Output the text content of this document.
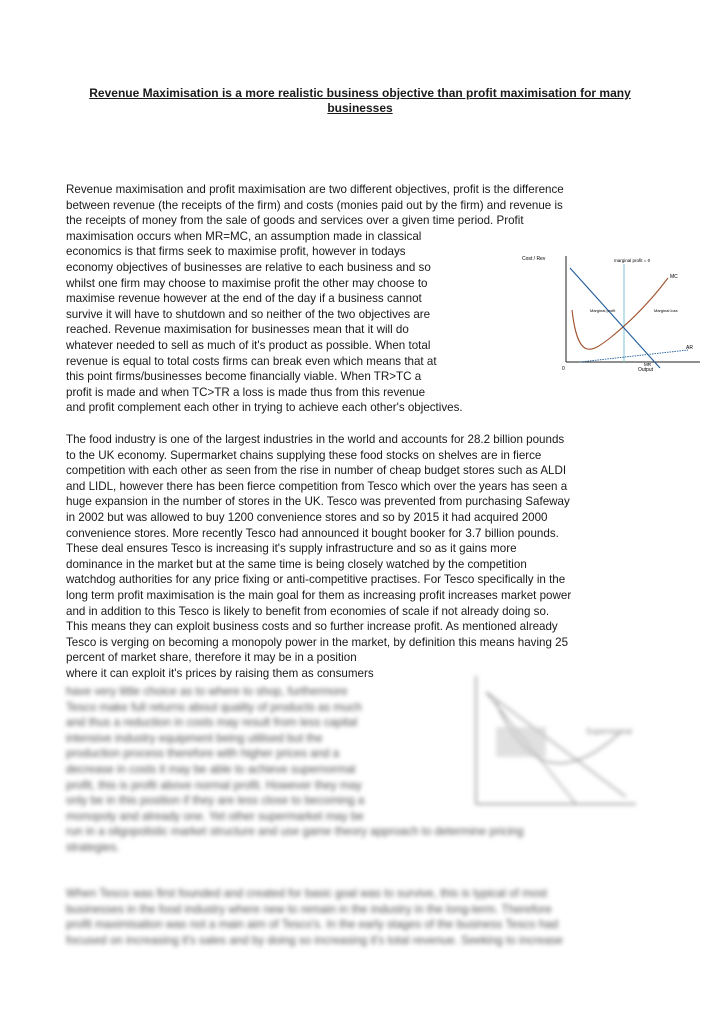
Revenue Maximisation is a more realistic business objective than profit maximisation for many businesses
Revenue maximisation and profit maximisation are two different objectives, profit is the difference
between revenue (the receipts of the firm) and costs (monies paid out by the firm) and revenue is
the receipts of money from the sale of goods and services over a given time period. Profit
maximisation occurs when MR=MC, an assumption made in classical
economics is that firms seek to maximise profit, however in todays
economy objectives of businesses are relative to each business and so
whilst one firm may choose to maximise profit the other may choose to
maximise revenue however at the end of the day if a business cannot
survive it will have to shutdown and so neither of the two objectives are
reached. Revenue maximisation for businesses mean that it will do
whatever needed to sell as much of it's product as possible. When total
revenue is equal to total costs firms can break even which means that at
this point firms/businesses become financially viable. When TR>TC a
profit is made and when TC>TR a loss is made thus from this revenue
and profit complement each other in trying to achieve each other's objectives.
Cost / Rev
0	Output
marginal profit = 0
MC
MR
AR
Marginal profit	Marginal loss
The food industry is one of the largest industries in the world and accounts for 28.2 billion pounds
to the UK economy. Supermarket chains supplying these food stocks on shelves are in fierce
competition with each other as seen from the rise in number of cheap budget stores such as ALDI
and LIDL, however there has been fierce competition from Tesco which over the years has seen a
huge expansion in the number of stores in the UK. Tesco was prevented from purchasing Safeway
in 2002 but was allowed to buy 1200 convenience stores and so by 2015 it had acquired 2000
convenience stores. More recently Tesco had announced it bought booker for 3.7 billion pounds.
These deal ensures Tesco is increasing it's supply infrastructure and so as it gains more
dominance in the market but at the same time is being closely watched by the competition
watchdog authorities for any price fixing or anti-competitive practises. For Tesco specifically in the
long term profit maximisation is the main goal for them as increasing profit increases market power
and in addition to this Tesco is likely to benefit from economies of scale if not already doing so.
This means they can exploit business costs and so further increase profit. As mentioned already
Tesco is verging on becoming a monopoly power in the market, by definition this means having 25
percent of market share, therefore it may be in a position
where it can exploit it's prices by raising them as consumers
Supernormal
have very little choice as to where to shop, furthermore
Tesco make full returns about quality of products as much
and thus a reduction in costs may result from less capital
intensive industry equipment being utilised but the
production process therefore with higher prices and a
decrease in costs it may be able to achieve supernormal
profit, this is profit above normal profit. However they may
only be in this position if they are less close to becoming a
monopoly and already one. Yet other supermarket may be
run in a oligopolistic market structure and use game theory approach to determine pricing
strategies.
When Tesco was first founded and created for basic goal was to survive, this is typical of most
businesses in the food industry where new to remain in the industry in the long-term. Therefore
profit maximisation was not a main aim of Tesco's. In the early stages of the business Tesco had
focused on increasing it's sales and by doing so increasing it's total revenue. Seeking to increase
